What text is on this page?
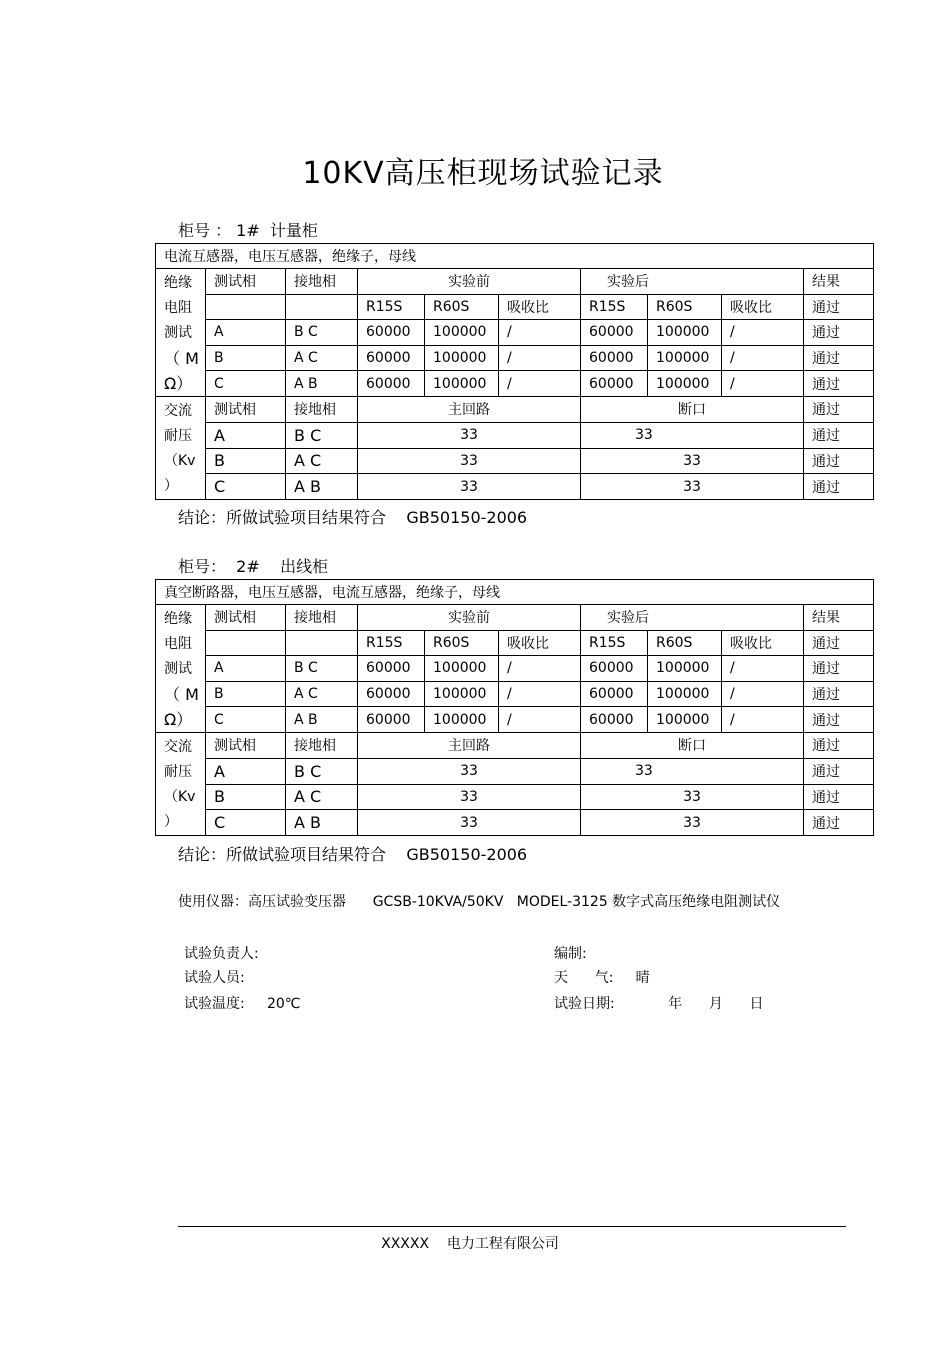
10KV高压柜现场试验记录
柜号 ： 1#  计量柜
电流互感器，电压互感器，绝缘子，母线									

绝缘
电阻
测试
（ M
Ω）	测试相	接地相	实验前			实验后			结果
			R15S	R60S	吸收比	R15S	R60S	吸收比	通过
	A	B C	60000	100000	/	60000	100000	/	通过
	B	A C	60000	100000	/	60000	100000	/	通过
	C	A B	60000	100000	/	60000	100000	/	通过

交流
耐压
（Kv
）	测试相	接地相	主回路			断口			通过
	A	B C	33			33			通过
	B	A C	33			33			通过
	C	A B	33			33			通过
结论：所做试验项目结果符合    GB50150-2006
柜号：  2#    出线柜
真空断路器，电压互感器，电流互感器，绝缘子，母线									

绝缘
电阻
测试
（ M
Ω）	测试相	接地相	实验前			实验后			结果
			R15S	R60S	吸收比	R15S	R60S	吸收比	通过
	A	B C	60000	100000	/	60000	100000	/	通过
	B	A C	60000	100000	/	60000	100000	/	通过
	C	A B	60000	100000	/	60000	100000	/	通过

交流
耐压
（Kv
）	测试相	接地相	主回路			断口			通过
	A	B C	33			33			通过
	B	A C	33			33			通过
	C	A B	33			33			通过
结论：所做试验项目结果符合    GB50150-2006
使用仪器：高压试验变压器      GCSB-10KVA/50KV   MODEL-3125 数字式高压绝缘电阻测试仪
试验负责人:
试验人员:
试验温度:     20℃
编制:
天      气:     晴
试验日期:            年      月      日
XXXXX    电力工程有限公司
